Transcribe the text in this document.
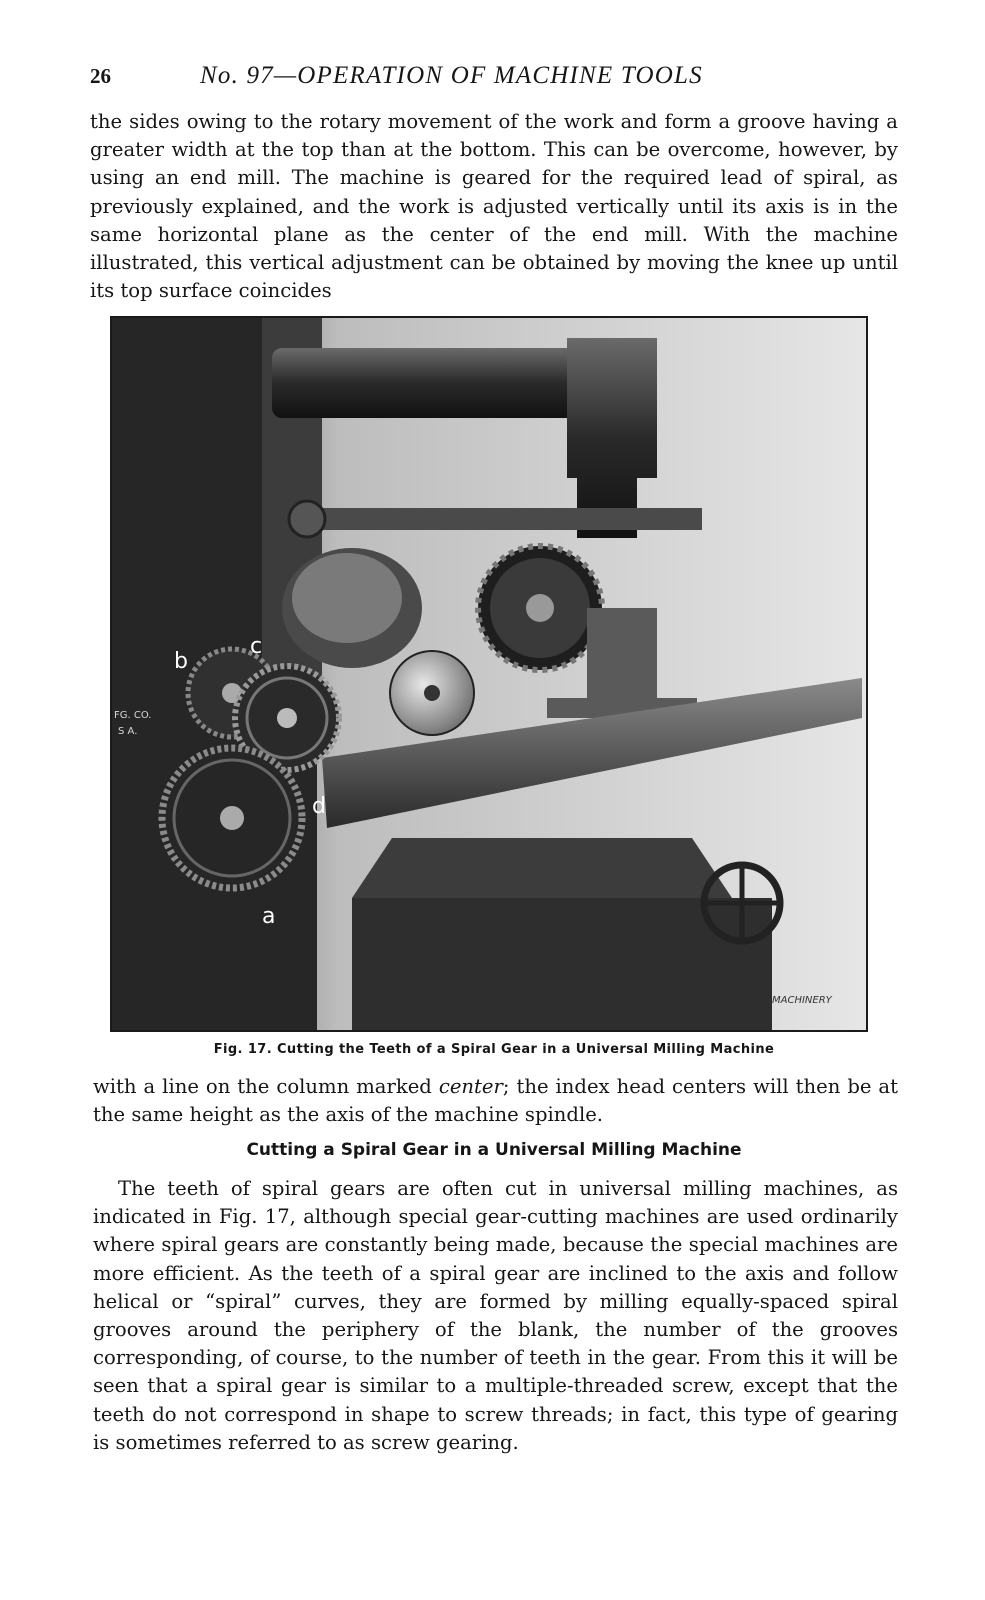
26	No. 97—OPERATION OF MACHINE TOOLS

the sides owing to the rotary movement of the work and form a groove having a greater width at the top than at the bottom. This can be overcome, however, by using an end mill. The machine is geared for the required lead of spiral, as previously explained, and the work is adjusted vertically until its axis is in the same horizontal plane as the center of the end mill. With the machine illustrated, this vertical adjustment can be obtained by moving the knee up until its top surface coincides

b
c
d
a
FG. CO.
S A.
MACHINERY
Fig. 17. Cutting the Teeth of a Spiral Gear in a Universal Milling Machine

with a line on the column marked center; the index head centers will then be at the same height as the axis of the machine spindle.

Cutting a Spiral Gear in a Universal Milling Machine

The teeth of spiral gears are often cut in universal milling machines, as indicated in Fig. 17, although special gear-cutting machines are used ordinarily where spiral gears are constantly being made, because the special machines are more efficient. As the teeth of a spiral gear are inclined to the axis and follow helical or “spiral” curves, they are formed by milling equally-spaced spiral grooves around the periphery of the blank, the number of the grooves corresponding, of course, to the number of teeth in the gear. From this it will be seen that a spiral gear is similar to a multiple-threaded screw, except that the teeth do not correspond in shape to screw threads; in fact, this type of gearing is sometimes referred to as screw gearing.
